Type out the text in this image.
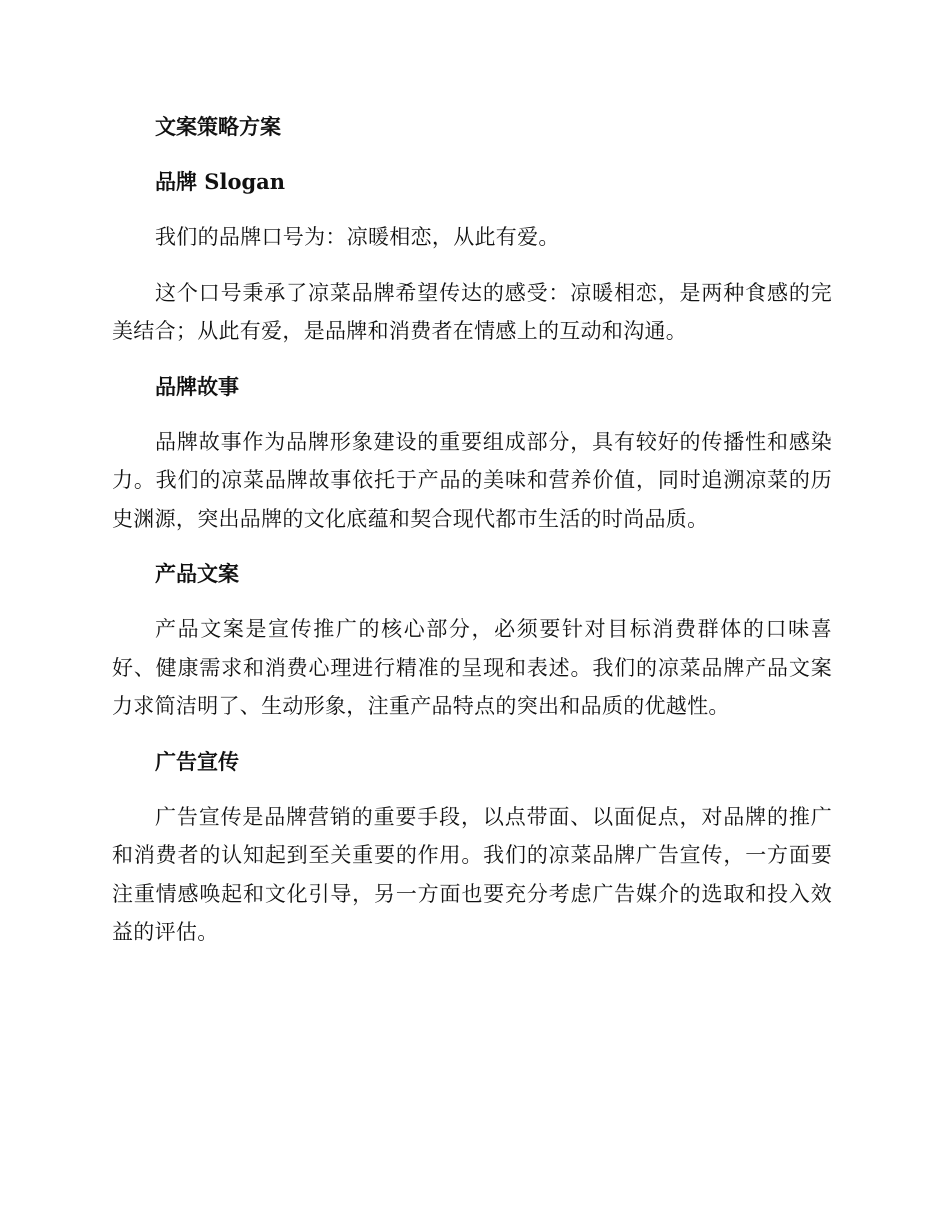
文案策略方案
品牌 Slogan

我们的品牌口号为：凉暖相恋，从此有爱。

这个口号秉承了凉菜品牌希望传达的感受：凉暖相恋，是两种食感的完美结合；从此有爱，是品牌和消费者在情感上的互动和沟通。

品牌故事

品牌故事作为品牌形象建设的重要组成部分，具有较好的传播性和感染力。我们的凉菜品牌故事依托于产品的美味和营养价值，同时追溯凉菜的历史渊源，突出品牌的文化底蕴和契合现代都市生活的时尚品质。

产品文案

产品文案是宣传推广的核心部分，必须要针对目标消费群体的口味喜好、健康需求和消费心理进行精准的呈现和表述。我们的凉菜品牌产品文案力求简洁明了、生动形象，注重产品特点的突出和品质的优越性。

广告宣传

广告宣传是品牌营销的重要手段，以点带面、以面促点，对品牌的推广和消费者的认知起到至关重要的作用。我们的凉菜品牌广告宣传，一方面要注重情感唤起和文化引导，另一方面也要充分考虑广告媒介的选取和投入效益的评估。
